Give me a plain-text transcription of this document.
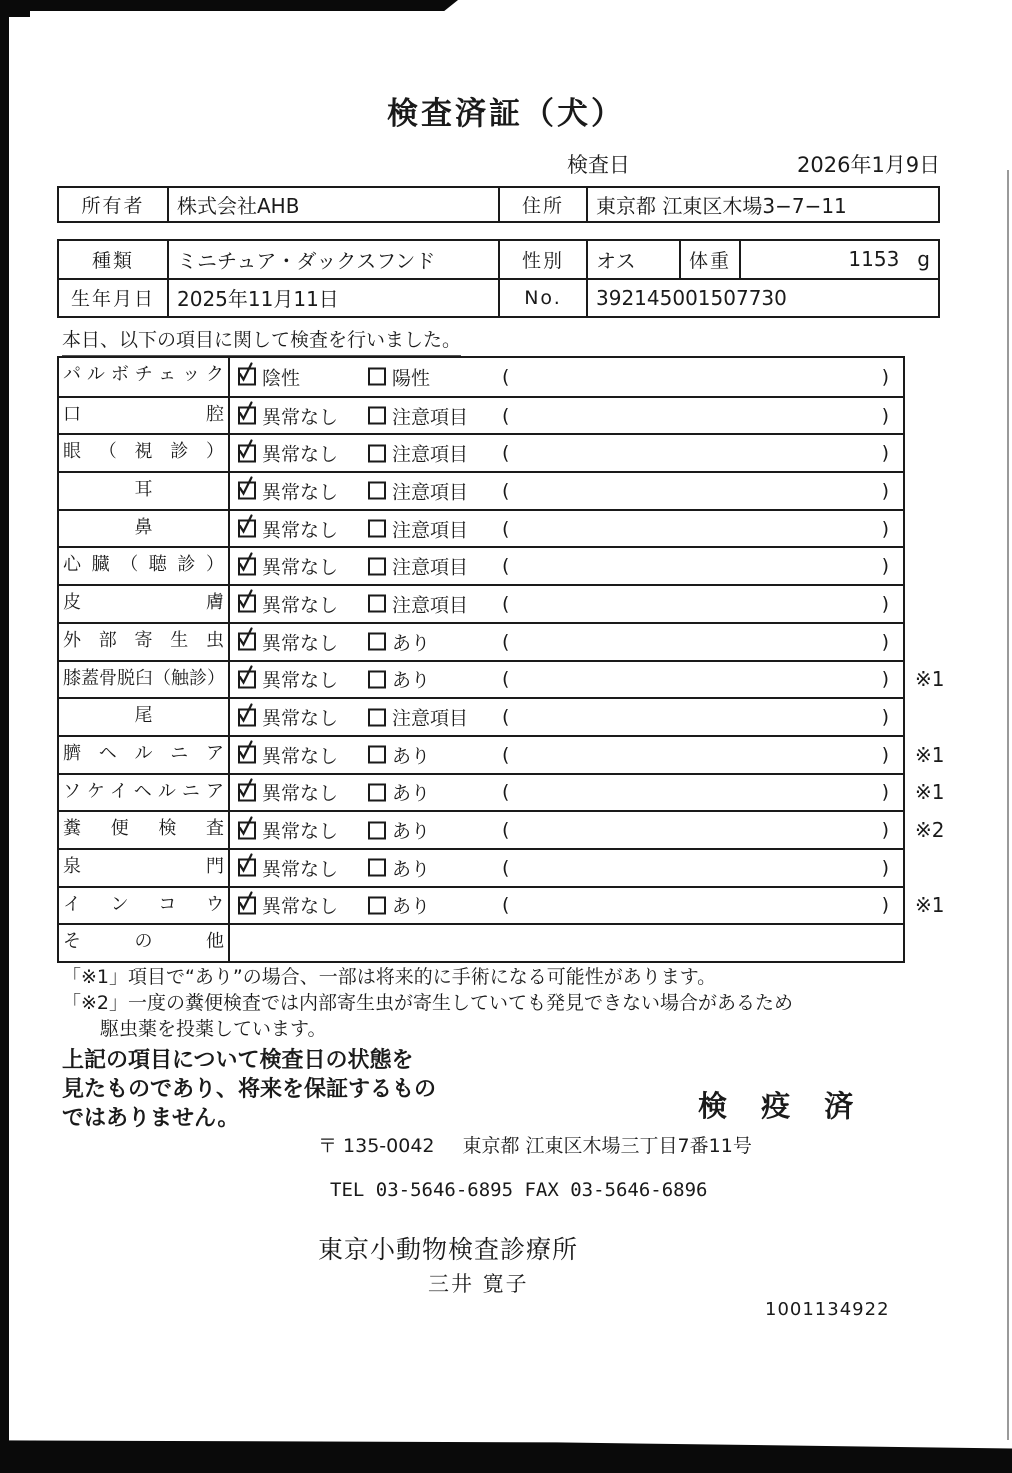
検査済証（犬）
検査日	2026年1月9日
所有者	株式会社AHB	住所	東京都 江東区木場3−7−11
種類	ミニチュア・ダックスフンド	性別	オス	体重	1153 g
生年月日	2025年11月11日	No.	392145001507730
本日、以下の項目に関して検査を行いました。
パルボチェック	陰性	陽性	(	)
口 腔	異常なし	注意項目 (	)
眼 （ 視 診 ）	異常なし	注意項目 (	)
耳	異常なし	注意項目 (	)
鼻	異常なし	注意項目 (	)
心 臓 （ 聴 診 ）	異常なし	注意項目 (	)
皮 膚	異常なし	注意項目 (	)
外 部 寄 生 虫	異常なし	あり	(	)
膝蓋骨脱臼（触診） 異常なし	あり	(	) ※1
尾	異常なし	注意項目 (	)
臍 ヘ ル ニ ア	異常なし	あり	(	) ※1
ソケイヘルニア	異常なし	あり	(	) ※1
糞 便 検 査	異常なし	あり	(	) ※2
泉 門	異常なし	あり	(	)
イ ン コ ウ	異常なし	あり	(	) ※1
そ の 他
「※1」項目で“あり”の場合、一部は将来的に手術になる可能性があります。
「※2」一度の糞便検査では内部寄生虫が寄生していても発見できない場合があるため
駆虫薬を投薬しています。
上記の項目について検査日の状態を
見たものであり、将来を保証するもの
ではありません。	検 疫 済
〒 135-0042 東京都 江東区木場三丁目7番11号
TEL 03-5646-6895 FAX 03-5646-6896
東京小動物検査診療所
三井 寛子
1001134922
